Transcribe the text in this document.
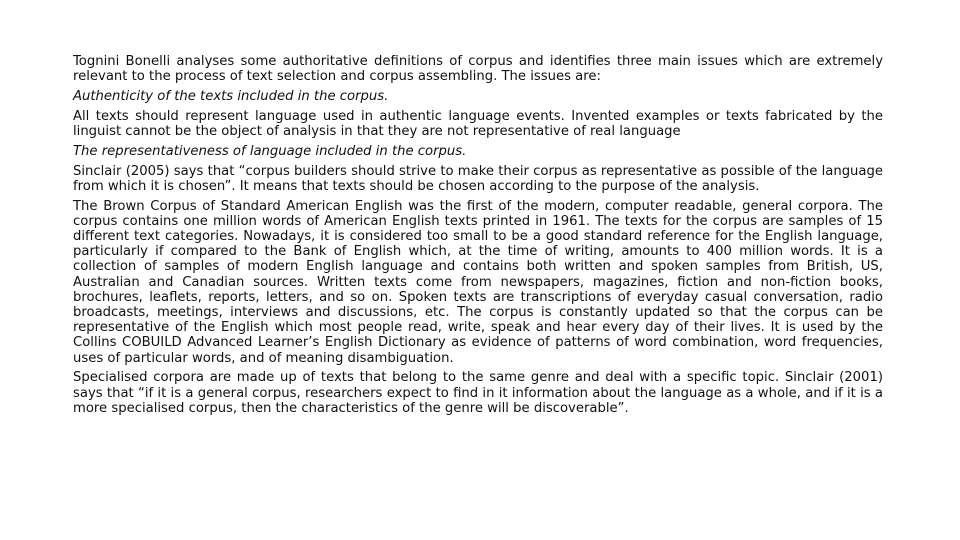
Tognini Bonelli analyses some authoritative definitions of corpus and identifies three main issues which are extremely relevant to the process of text selection and corpus assembling. The issues are:

Authenticity of the texts included in the corpus.

All texts should represent language used in authentic language events. Invented examples or texts fabricated by the linguist cannot be the object of analysis in that they are not representative of real language

The representativeness of language included in the corpus.

Sinclair (2005) says that “corpus builders should strive to make their corpus as representative as possible of the language from which it is chosen”. It means that texts should be chosen according to the purpose of the analysis.

The Brown Corpus of Standard American English was the first of the modern, computer readable, general corpora. The corpus contains one million words of American English texts printed in 1961. The texts for the corpus are samples of 15 different text categories. Nowadays, it is considered too small to be a good standard reference for the English language, particularly if compared to the Bank of English which, at the time of writing, amounts to 400 million words. It is a collection of samples of modern English language and contains both written and spoken samples from British, US, Australian and Canadian sources. Written texts come from newspapers, magazines, fiction and non-fiction books, brochures, leaflets, reports, letters, and so on. Spoken texts are transcriptions of everyday casual conversation, radio broadcasts, meetings, interviews and discussions, etc. The corpus is constantly updated so that the corpus can be representative of the English which most people read, write, speak and hear every day of their lives. It is used by the Collins COBUILD Advanced Learner’s English Dictionary as evidence of patterns of word combination, word frequencies, uses of particular words, and of meaning disambiguation.

Specialised corpora are made up of texts that belong to the same genre and deal with a specific topic. Sinclair (2001) says that “if it is a general corpus, researchers expect to find in it information about the language as a whole, and if it is a more specialised corpus, then the characteristics of the genre will be discoverable”.
